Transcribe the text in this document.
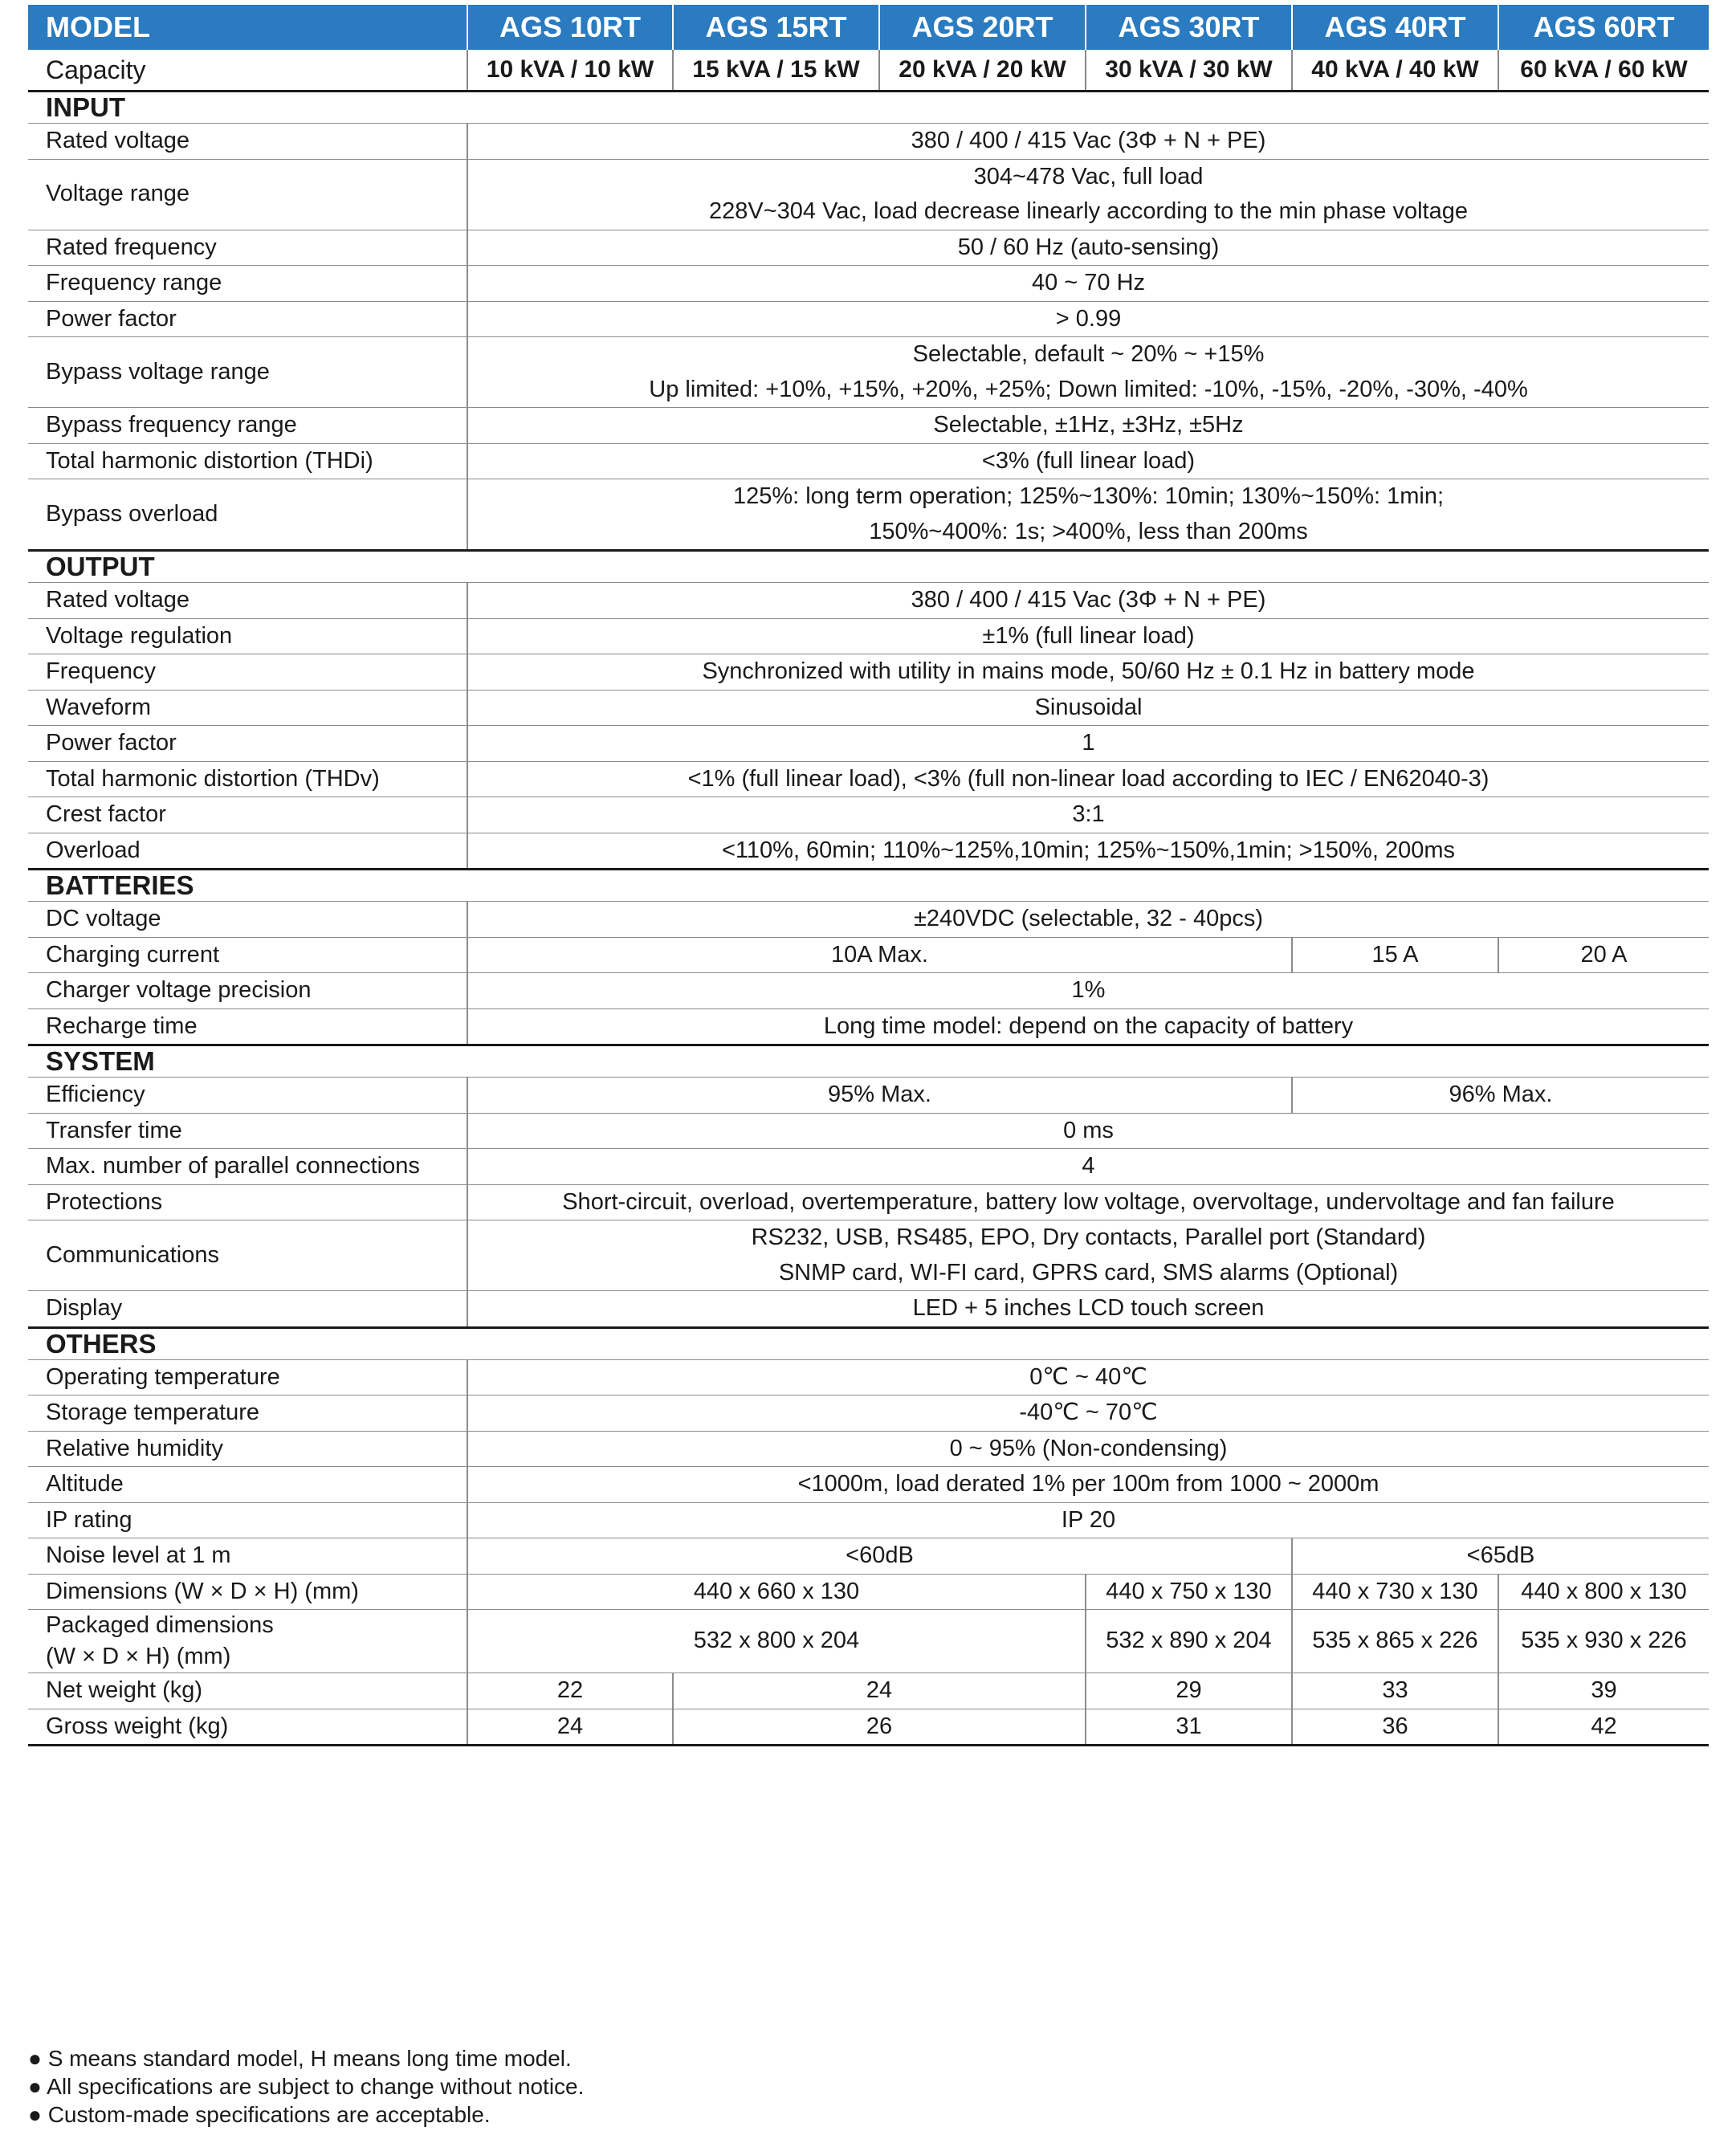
MODEL	AGS 10RT	AGS 15RT	AGS 20RT	AGS 30RT	AGS 40RT	AGS 60RT
Capacity	10 kVA / 10 kW	15 kVA / 15 kW	20 kVA / 20 kW	30 kVA / 30 kW	40 kVA / 40 kW	60 kVA / 60 kW
INPUT						
Rated voltage	380 / 400 / 415 Vac (3Φ + N + PE)					
Voltage range	304~478 Vac, full load
228V~304 Vac, load decrease linearly according to the min phase voltage					
Rated frequency	50 / 60 Hz (auto-sensing)					
Frequency range	40 ~ 70 Hz					
Power factor	> 0.99					
Bypass voltage range	Selectable, default ~ 20% ~ +15%
Up limited: +10%, +15%, +20%, +25%; Down limited: -10%, -15%, -20%, -30%, -40%					
Bypass frequency range	Selectable, ±1Hz, ±3Hz, ±5Hz					
Total harmonic distortion (THDi)	<3% (full linear load)					
Bypass overload	125%: long term operation; 125%~130%: 10min; 130%~150%: 1min;
150%~400%: 1s; >400%, less than 200ms					
OUTPUT						
Rated voltage	380 / 400 / 415 Vac (3Φ + N + PE)					
Voltage regulation	±1% (full linear load)					
Frequency	Synchronized with utility in mains mode, 50/60 Hz ± 0.1 Hz in battery mode					
Waveform	Sinusoidal					
Power factor	1					
Total harmonic distortion (THDv)	<1% (full linear load), <3% (full non-linear load according to IEC / EN62040-3)					
Crest factor	3:1					
Overload	<110%, 60min; 110%~125%,10min; 125%~150%,1min; >150%, 200ms					
BATTERIES						
DC voltage	±240VDC (selectable, 32 - 40pcs)					
Charging current	10A Max.				15 A	20 A
Charger voltage precision	1%					
Recharge time	Long time model: depend on the capacity of battery					
SYSTEM						
Efficiency	95% Max.				96% Max.	
Transfer time	0 ms					
Max. number of parallel connections	4					
Protections	Short-circuit, overload, overtemperature, battery low voltage, overvoltage, undervoltage and fan failure					
Communications	RS232, USB, RS485, EPO, Dry contacts, Parallel port (Standard)
SNMP card, WI-FI card, GPRS card, SMS alarms (Optional)					
Display	LED + 5 inches LCD touch screen					
OTHERS						
Operating temperature	0℃ ~ 40℃					
Storage temperature	-40℃ ~ 70℃					
Relative humidity	0 ~ 95% (Non-condensing)					
Altitude	<1000m, load derated 1% per 100m from 1000 ~ 2000m					
IP rating	IP 20					
Noise level at 1 m	<60dB				<65dB	
Dimensions (W × D × H) (mm)	440 x 660 x 130			440 x 750 x 130	440 x 730 x 130	440 x 800 x 130
Packaged dimensions
(W × D × H) (mm)	532 x 800 x 204			532 x 890 x 204	535 x 865 x 226	535 x 930 x 226
Net weight (kg)	22	24		29	33	39
Gross weight (kg)	24	26		31	36	42
● S means standard model, H means long time model.
● All specifications are subject to change without notice.
● Custom-made specifications are acceptable.
